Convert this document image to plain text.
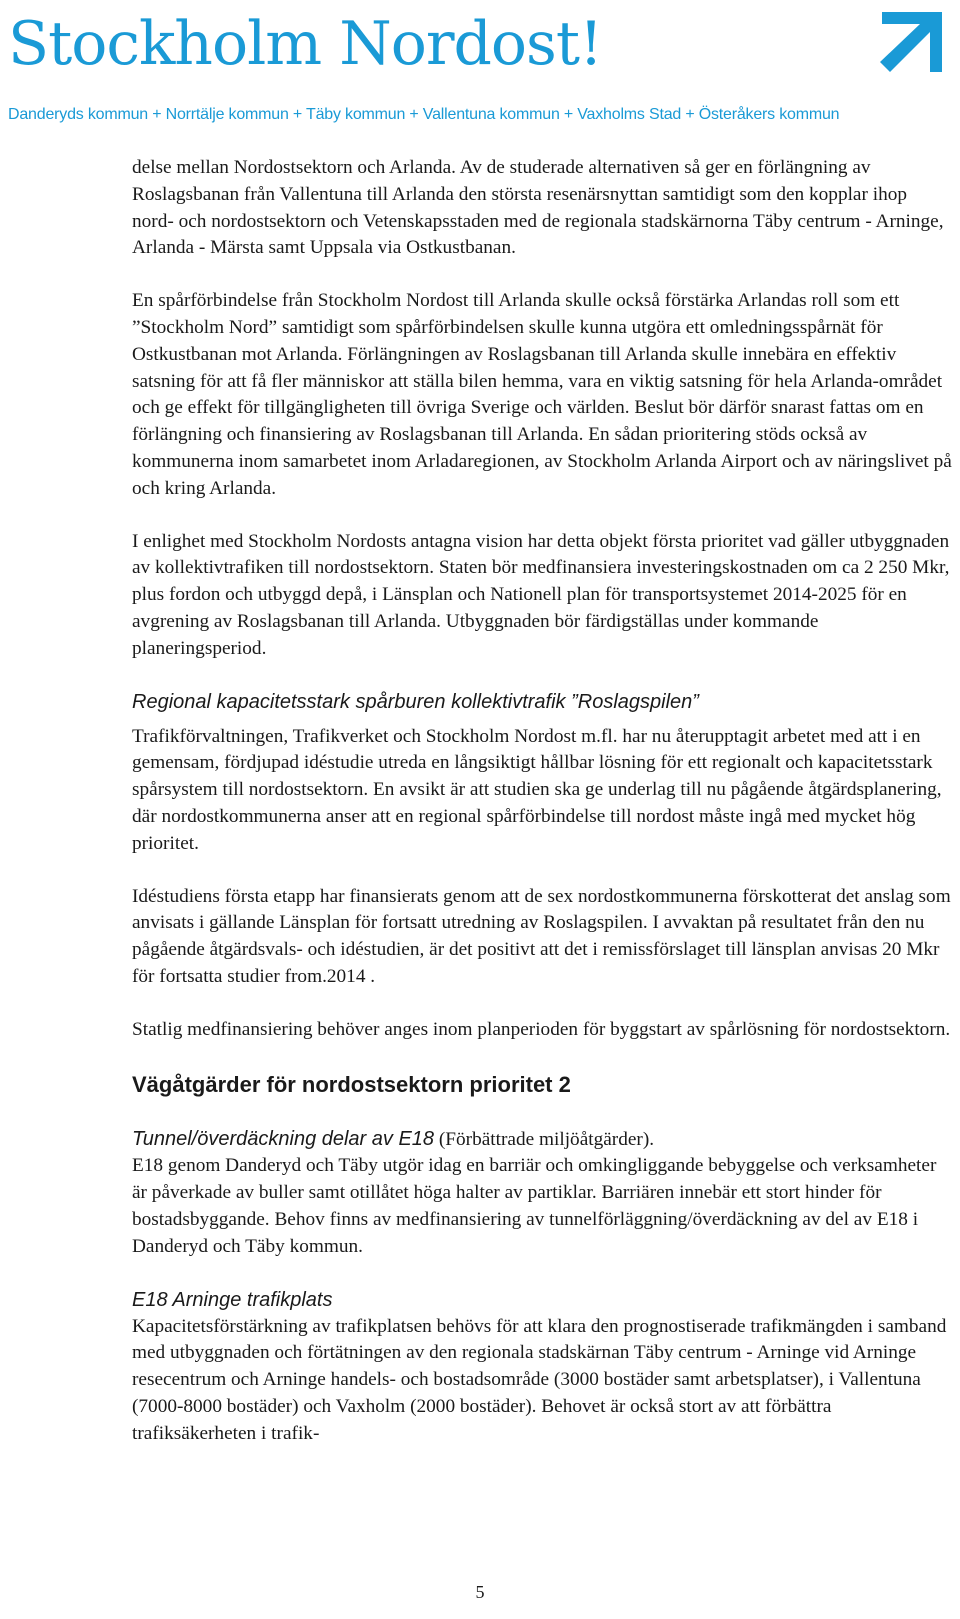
Stockholm Nordost!
Danderyds kommun + Norrtälje kommun + Täby kommun + Vallentuna kommun + Vaxholms Stad + Österåkers kommun

delse mellan Nordostsektorn och Arlanda. Av de studerade alternativen så ger en förlängning av Roslagsbanan från Vallentuna till Arlanda den största resenärsnyttan samtidigt som den kopplar ihop nord- och nordostsektorn och Vetenskapsstaden med de regionala stadskärnorna Täby centrum - Arninge, Arlanda - Märsta samt Uppsala via Ostkustbanan.

En spårförbindelse från Stockholm Nordost till Arlanda skulle också förstärka Arlandas roll som ett ”Stockholm Nord” samtidigt som spårförbindelsen skulle kunna utgöra ett omledningsspårnät för Ostkustbanan mot Arlanda. Förlängningen av Roslagsbanan till Arlanda skulle innebära en effektiv satsning för att få fler människor att ställa bilen hemma, vara en viktig satsning för hela Arlanda-området och ge effekt för tillgängligheten till övriga Sverige och världen. Beslut bör därför snarast fattas om en förlängning och finansiering av Roslagsbanan till Arlanda. En sådan prioritering stöds också av kommunerna inom samarbetet inom Arladaregionen, av Stockholm Arlanda Airport och av näringslivet på och kring Arlanda.

I enlighet med Stockholm Nordosts antagna vision har detta objekt första prioritet vad gäller utbyggnaden av kollektivtrafiken till nordostsektorn. Staten bör medfinansiera investeringskostnaden om ca 2 250 Mkr, plus fordon och utbyggd depå, i Länsplan och Nationell plan för transportsystemet 2014-2025 för en avgrening av Roslagsbanan till Arlanda. Utbyggnaden bör färdigställas under kommande planeringsperiod.

Regional kapacitetsstark spårburen kollektivtrafik ”Roslagspilen”

Trafikförvaltningen, Trafikverket och Stockholm Nordost m.fl. har nu återupptagit arbetet med att i en gemensam, fördjupad idéstudie utreda en långsiktigt hållbar lösning för ett regionalt och kapacitetsstark spårsystem till nordostsektorn. En avsikt är att studien ska ge underlag till nu pågående åtgärdsplanering, där nordostkommunerna anser att en regional spårförbindelse till nordost måste ingå med mycket hög prioritet.

Idéstudiens första etapp har finansierats genom att de sex nordostkommunerna förskotterat det anslag som anvisats i gällande Länsplan för fortsatt utredning av Roslagspilen. I avvaktan på resultatet från den nu pågående åtgärdsvals- och idéstudien, är det positivt att det i remissförslaget till länsplan anvisas 20 Mkr för fortsatta studier from.2014 .

Statlig medfinansiering behöver anges inom planperioden för byggstart av spårlösning för nordostsektorn.

Vägåtgärder för nordostsektorn prioritet 2
Tunnel/överdäckning delar av E18 (Förbättrade miljöåtgärder).

E18 genom Danderyd och Täby utgör idag en barriär och omkingliggande bebyggelse och verksamheter är påverkade av buller samt otillåtet höga halter av partiklar. Barriären innebär ett stort hinder för bostadsbyggande. Behov finns av medfinansiering av tunnelförläggning/överdäckning av del av E18 i Danderyd och Täby kommun.

E18 Arninge trafikplats

Kapacitetsförstärkning av trafikplatsen behövs för att klara den prognostiserade trafikmängden i samband med utbyggnaden och förtätningen av den regionala stadskärnan Täby centrum - Arninge vid Arninge resecentrum och Arninge handels- och bostadsområde (3000 bostäder samt arbetsplatser), i Vallentuna (7000-8000 bostäder) och Vaxholm (2000 bostäder). Behovet är också stort av att förbättra trafiksäkerheten i trafik-

5
